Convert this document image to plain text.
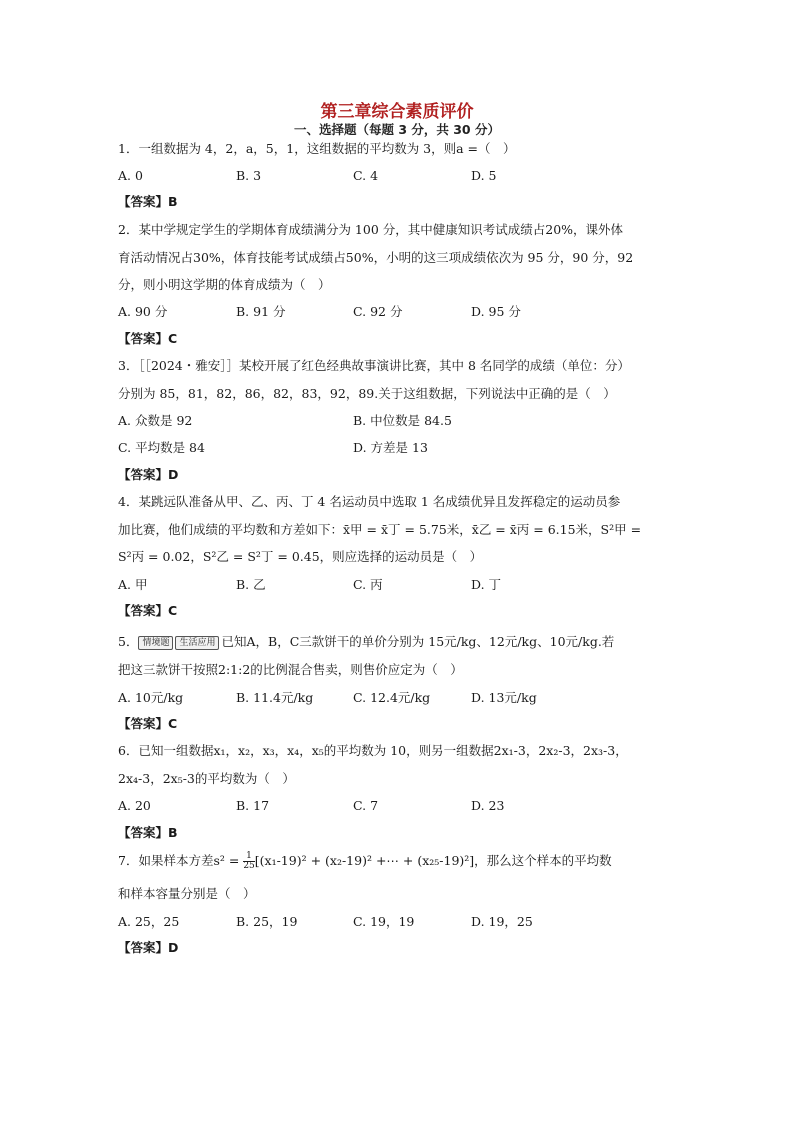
第三章综合素质评价
一、选择题（每题 3 分，共 30 分）
1．一组数据为 4，2，a，5，1，这组数据的平均数为 3，则a =（　）
A. 0	B. 3	C. 4	D. 5
【答案】B
2．某中学规定学生的学期体育成绩满分为 100 分，其中健康知识考试成绩占20%，课外体
育活动情况占30%，体育技能考试成绩占50%，小明的这三项成绩依次为 95 分，90 分，92
分，则小明这学期的体育成绩为（　）
A. 90 分	B. 91 分	C. 92 分	D. 95 分
【答案】C
3．［［2024・雅安］］某校开展了红色经典故事演讲比赛，其中 8 名同学的成绩（单位：分）
分别为 85，81，82，86，82，83，92，89.关于这组数据，下列说法中正确的是（　）
A. 众数是 92	B. 中位数是 84.5
C. 平均数是 84	D. 方差是 13
【答案】D
4．某跳远队准备从甲、乙、丙、丁 4 名运动员中选取 1 名成绩优异且发挥稳定的运动员参
加比赛，他们成绩的平均数和方差如下：x̄甲 = x̄丁 = 5.75米，x̄乙 = x̄丙 = 6.15米，S²甲 =
S²丙 = 0.02，S²乙 = S²丁 = 0.45，则应选择的运动员是（　）
A. 甲	B. 乙	C. 丙	D. 丁
【答案】C
5． 情境题 生活应用 已知A，B，C三款饼干的单价分别为 15元/kg、12元/kg、10元/kg.若
把这三款饼干按照2:1:2的比例混合售卖，则售价应定为（　）
A. 10元/kg	B. 11.4元/kg	C. 12.4元/kg	D. 13元/kg
【答案】C
6．已知一组数据x₁，x₂，x₃，x₄，x₅的平均数为 10，则另一组数据2x₁-3，2x₂-3，2x₃-3，
2x₄-3，2x₅-3的平均数为（　）
A. 20	B. 17	C. 7	D. 23
【答案】B
7．如果样本方差$s^2 = \frac{1}{25} [(x_1-19)^2 + (x_2-19)^2$ +⋯ + (x₂₅-19)²]，那么这个样本的平均数
和样本容量分别是（　）
A. 25，25	B. 25，19	C. 19，19	D. 19，25
【答案】D
